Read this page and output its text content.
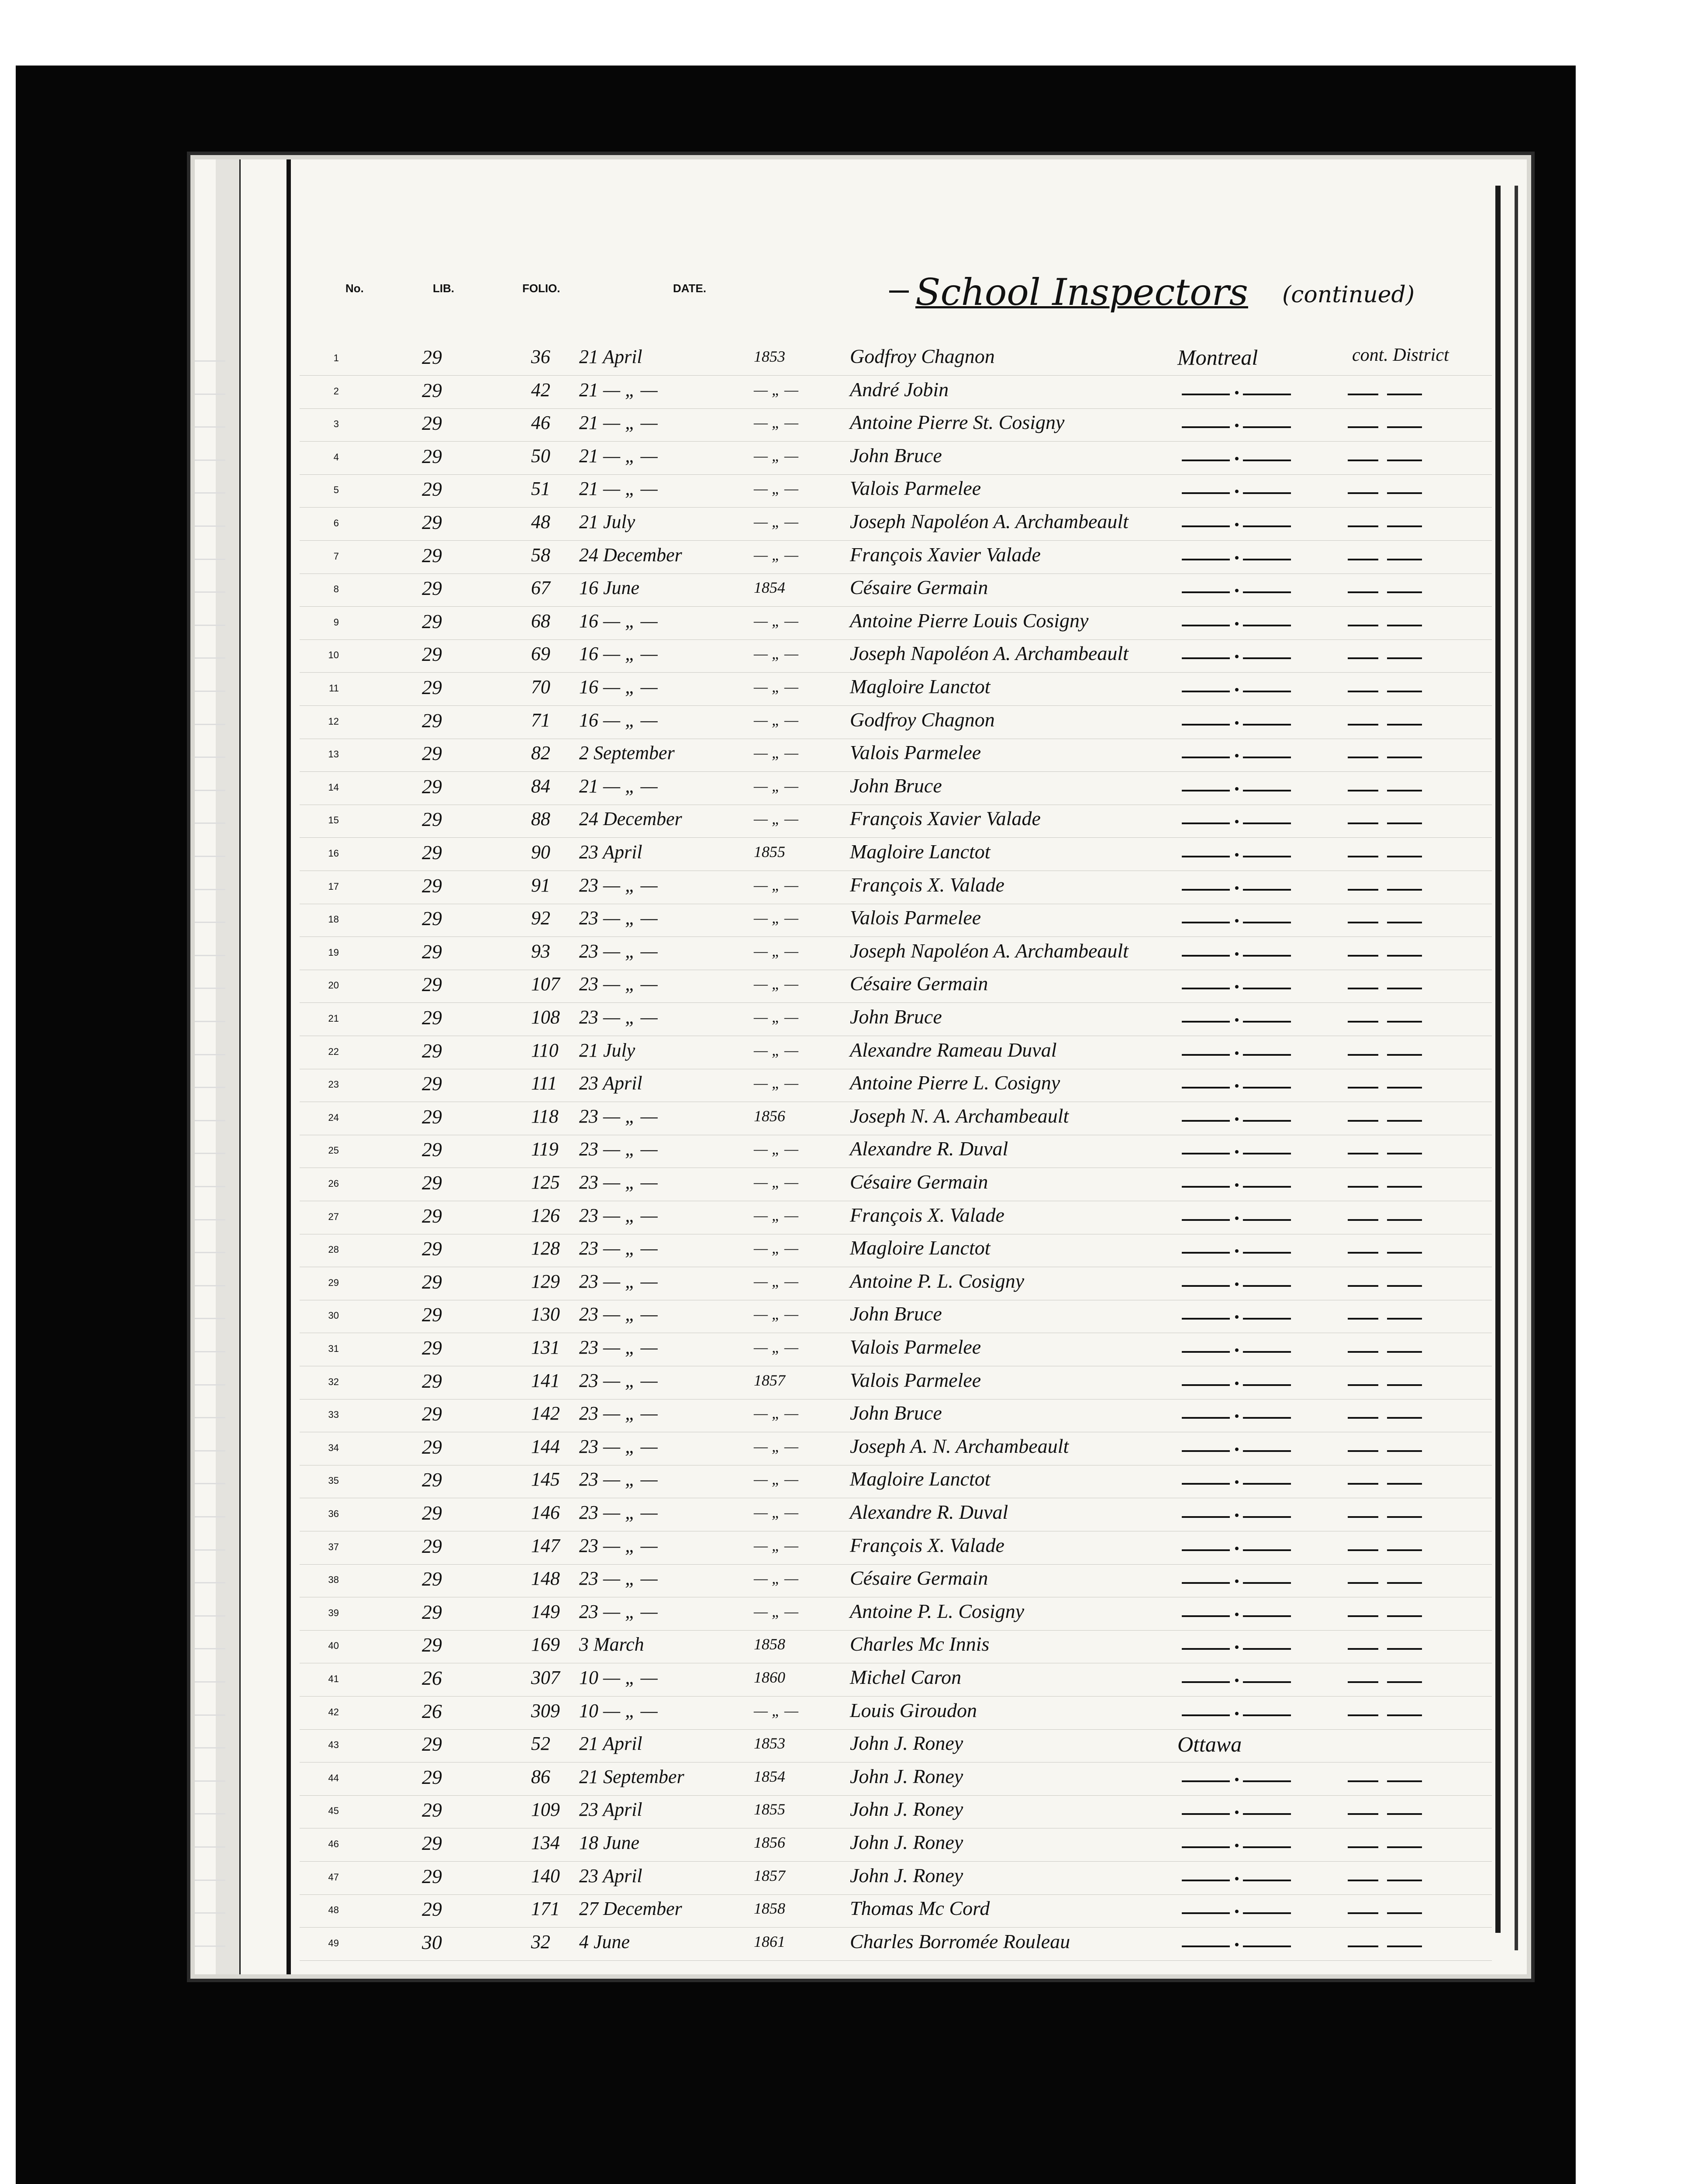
No.	LIB.	FOLIO.	DATE.	School Inspectors (continued)
1	29	36 21 April	1853	Godfroy Chagnon	Montreal	cont. District
2	29	42 21 — „ —	— „ —	André Jobin
3	29	46 21 — „ —	— „ —	Antoine Pierre St. Cosigny
4	29	50 21 — „ —	— „ —	John Bruce
5	29	51 21 — „ —	— „ —	Valois Parmelee
6	29	48 21 July	— „ —	Joseph Napoléon A. Archambeault
7	29	58 24 December	— „ —	François Xavier Valade
8	29	67 16 June	1854	Césaire Germain
9	29	68 16 — „ —	— „ —	Antoine Pierre Louis Cosigny
10	29	69 16 — „ —	— „ —	Joseph Napoléon A. Archambeault
11	29	70 16 — „ —	— „ —	Magloire Lanctot
12	29	71 16 — „ —	— „ —	Godfroy Chagnon
13	29	82 2 September	— „ —	Valois Parmelee
14	29	84 21 — „ —	— „ —	John Bruce
15	29	88 24 December	— „ —	François Xavier Valade
16	29	90 23 April	1855	Magloire Lanctot
17	29	91 23 — „ —	— „ —	François X. Valade
18	29	92 23 — „ —	— „ —	Valois Parmelee
19	29	93 23 — „ —	— „ —	Joseph Napoléon A. Archambeault
20	29	107 23 — „ —	— „ —	Césaire Germain
21	29	108 23 — „ —	— „ —	John Bruce
22	29	110 21 July	— „ —	Alexandre Rameau Duval
23	29	111 23 April	— „ —	Antoine Pierre L. Cosigny
24	29	118 23 — „ —	1856	Joseph N. A. Archambeault
25	29	119 23 — „ —	— „ —	Alexandre R. Duval
26	29	125 23 — „ —	— „ —	Césaire Germain
27	29	126 23 — „ —	— „ —	François X. Valade
28	29	128 23 — „ —	— „ —	Magloire Lanctot
29	29	129 23 — „ —	— „ —	Antoine P. L. Cosigny
30	29	130 23 — „ —	— „ —	John Bruce
31	29	131 23 — „ —	— „ —	Valois Parmelee
32	29	141 23 — „ —	1857	Valois Parmelee
33	29	142 23 — „ —	— „ —	John Bruce
34	29	144 23 — „ —	— „ —	Joseph A. N. Archambeault
35	29	145 23 — „ —	— „ —	Magloire Lanctot
36	29	146 23 — „ —	— „ —	Alexandre R. Duval
37	29	147 23 — „ —	— „ —	François X. Valade
38	29	148 23 — „ —	— „ —	Césaire Germain
39	29	149 23 — „ —	— „ —	Antoine P. L. Cosigny
40	29	169 3 March	1858	Charles Mc Innis
41	26	307 10 — „ —	1860	Michel Caron
42	26	309 10 — „ —	— „ —	Louis Giroudon
43	29	52 21 April	1853	John J. Roney	Ottawa
44	29	86 21 September	1854	John J. Roney
45	29	109 23 April	1855	John J. Roney
46	29	134 18 June	1856	John J. Roney
47	29	140 23 April	1857	John J. Roney
48	29	171 27 December	1858	Thomas Mc Cord
49	30	32 4 June	1861	Charles Borromée Rouleau
